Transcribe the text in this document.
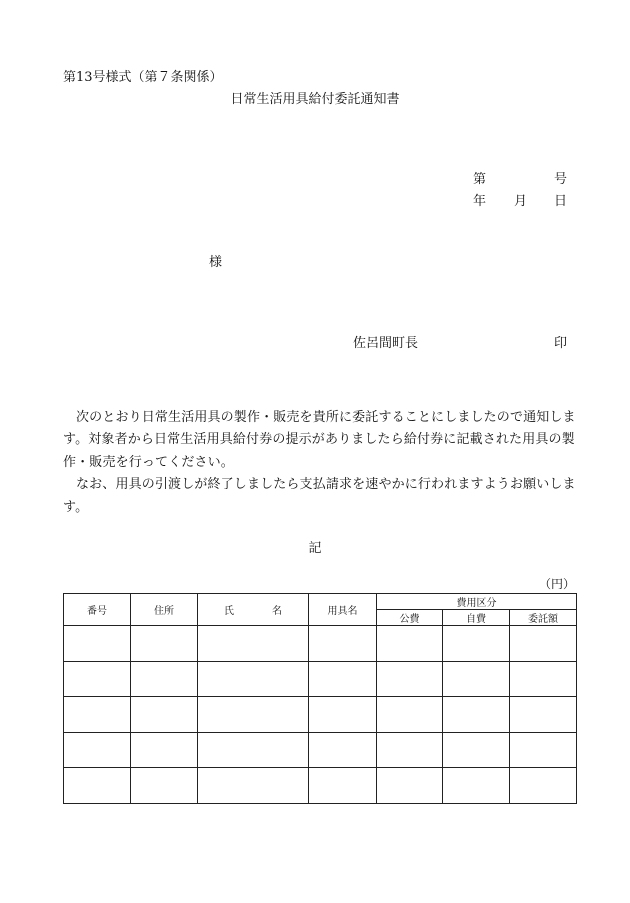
第13号様式（第７条関係）
日常生活用具給付委託通知書
第	号
年 月 日
様
佐呂間町長	印

次のとおり日常生活用具の製作・販売を貴所に委託することにしましたので通知します。対象者から日常生活用具給付券の提示がありましたら給付券に記載された用具の製作・販売を行ってください。

なお、用具の引渡しが終了しましたら支払請求を速やかに行われますようお願いします。

記
（円）
番号	住所	氏 名	用具名	費用区分		
				公費	自費	委託額
